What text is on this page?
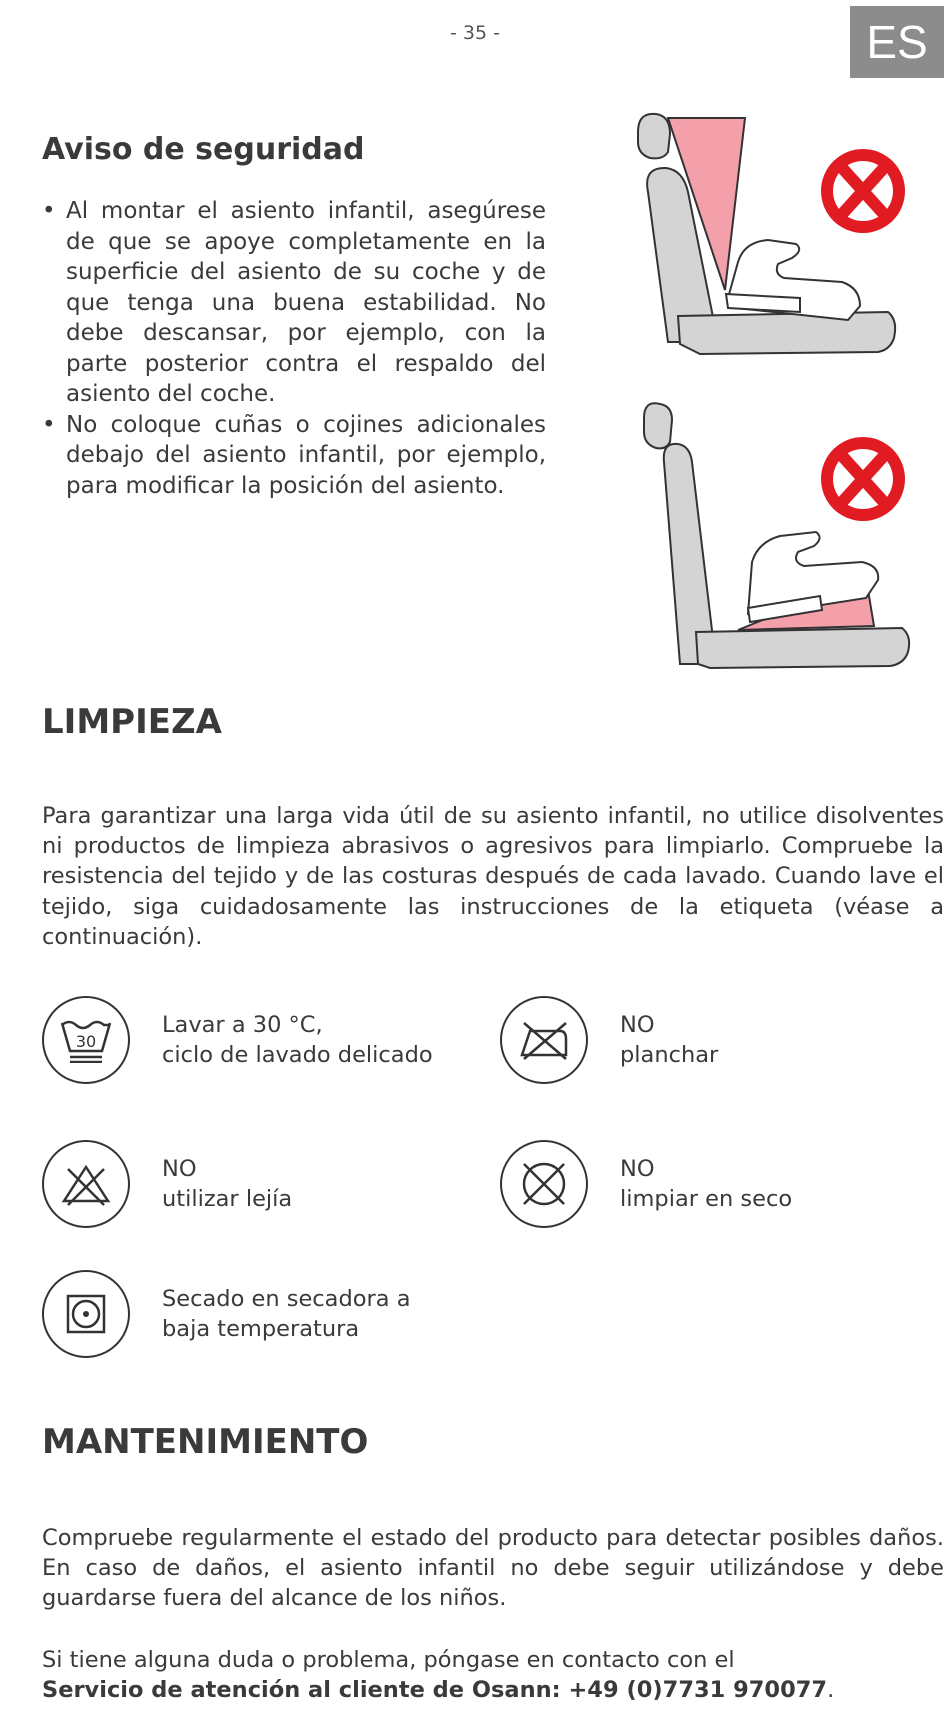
- 35 -	ES
Aviso de seguridad
• Al montar el asiento infantil, asegúrese de que se apoye completamente en la superficie del asiento de su coche y de que tenga una buena estabilidad. No debe descansar, por ejemplo, con la parte posterior contra el respaldo del asiento del coche.
• No coloque cuñas o cojines adicionales debajo del asiento infantil, por ejemplo, para modificar la posición del asiento.
LIMPIEZA

Para garantizar una larga vida útil de su asiento infantil, no utilice disolventes ni productos de limpieza abrasivos o agresivos para limpiarlo. Compruebe la resistencia del tejido y de las costuras después de cada lavado. Cuando lave el tejido, siga cuidadosamente las instrucciones de la etiqueta (véase a continuación).

30
Lavar a 30 °C,
ciclo de lavado delicado
NO
planchar
NO
utilizar lejía
NO
limpiar en seco
Secado en secadora a
baja temperatura
MANTENIMIENTO

Compruebe regularmente el estado del producto para detectar posibles daños. En caso de daños, el asiento infantil no debe seguir utilizándose y debe guardarse fuera del alcance de los niños.

Si tiene alguna duda o problema, póngase en contacto con el
Servicio de atención al cliente de Osann: +49 (0)7731 970077.
